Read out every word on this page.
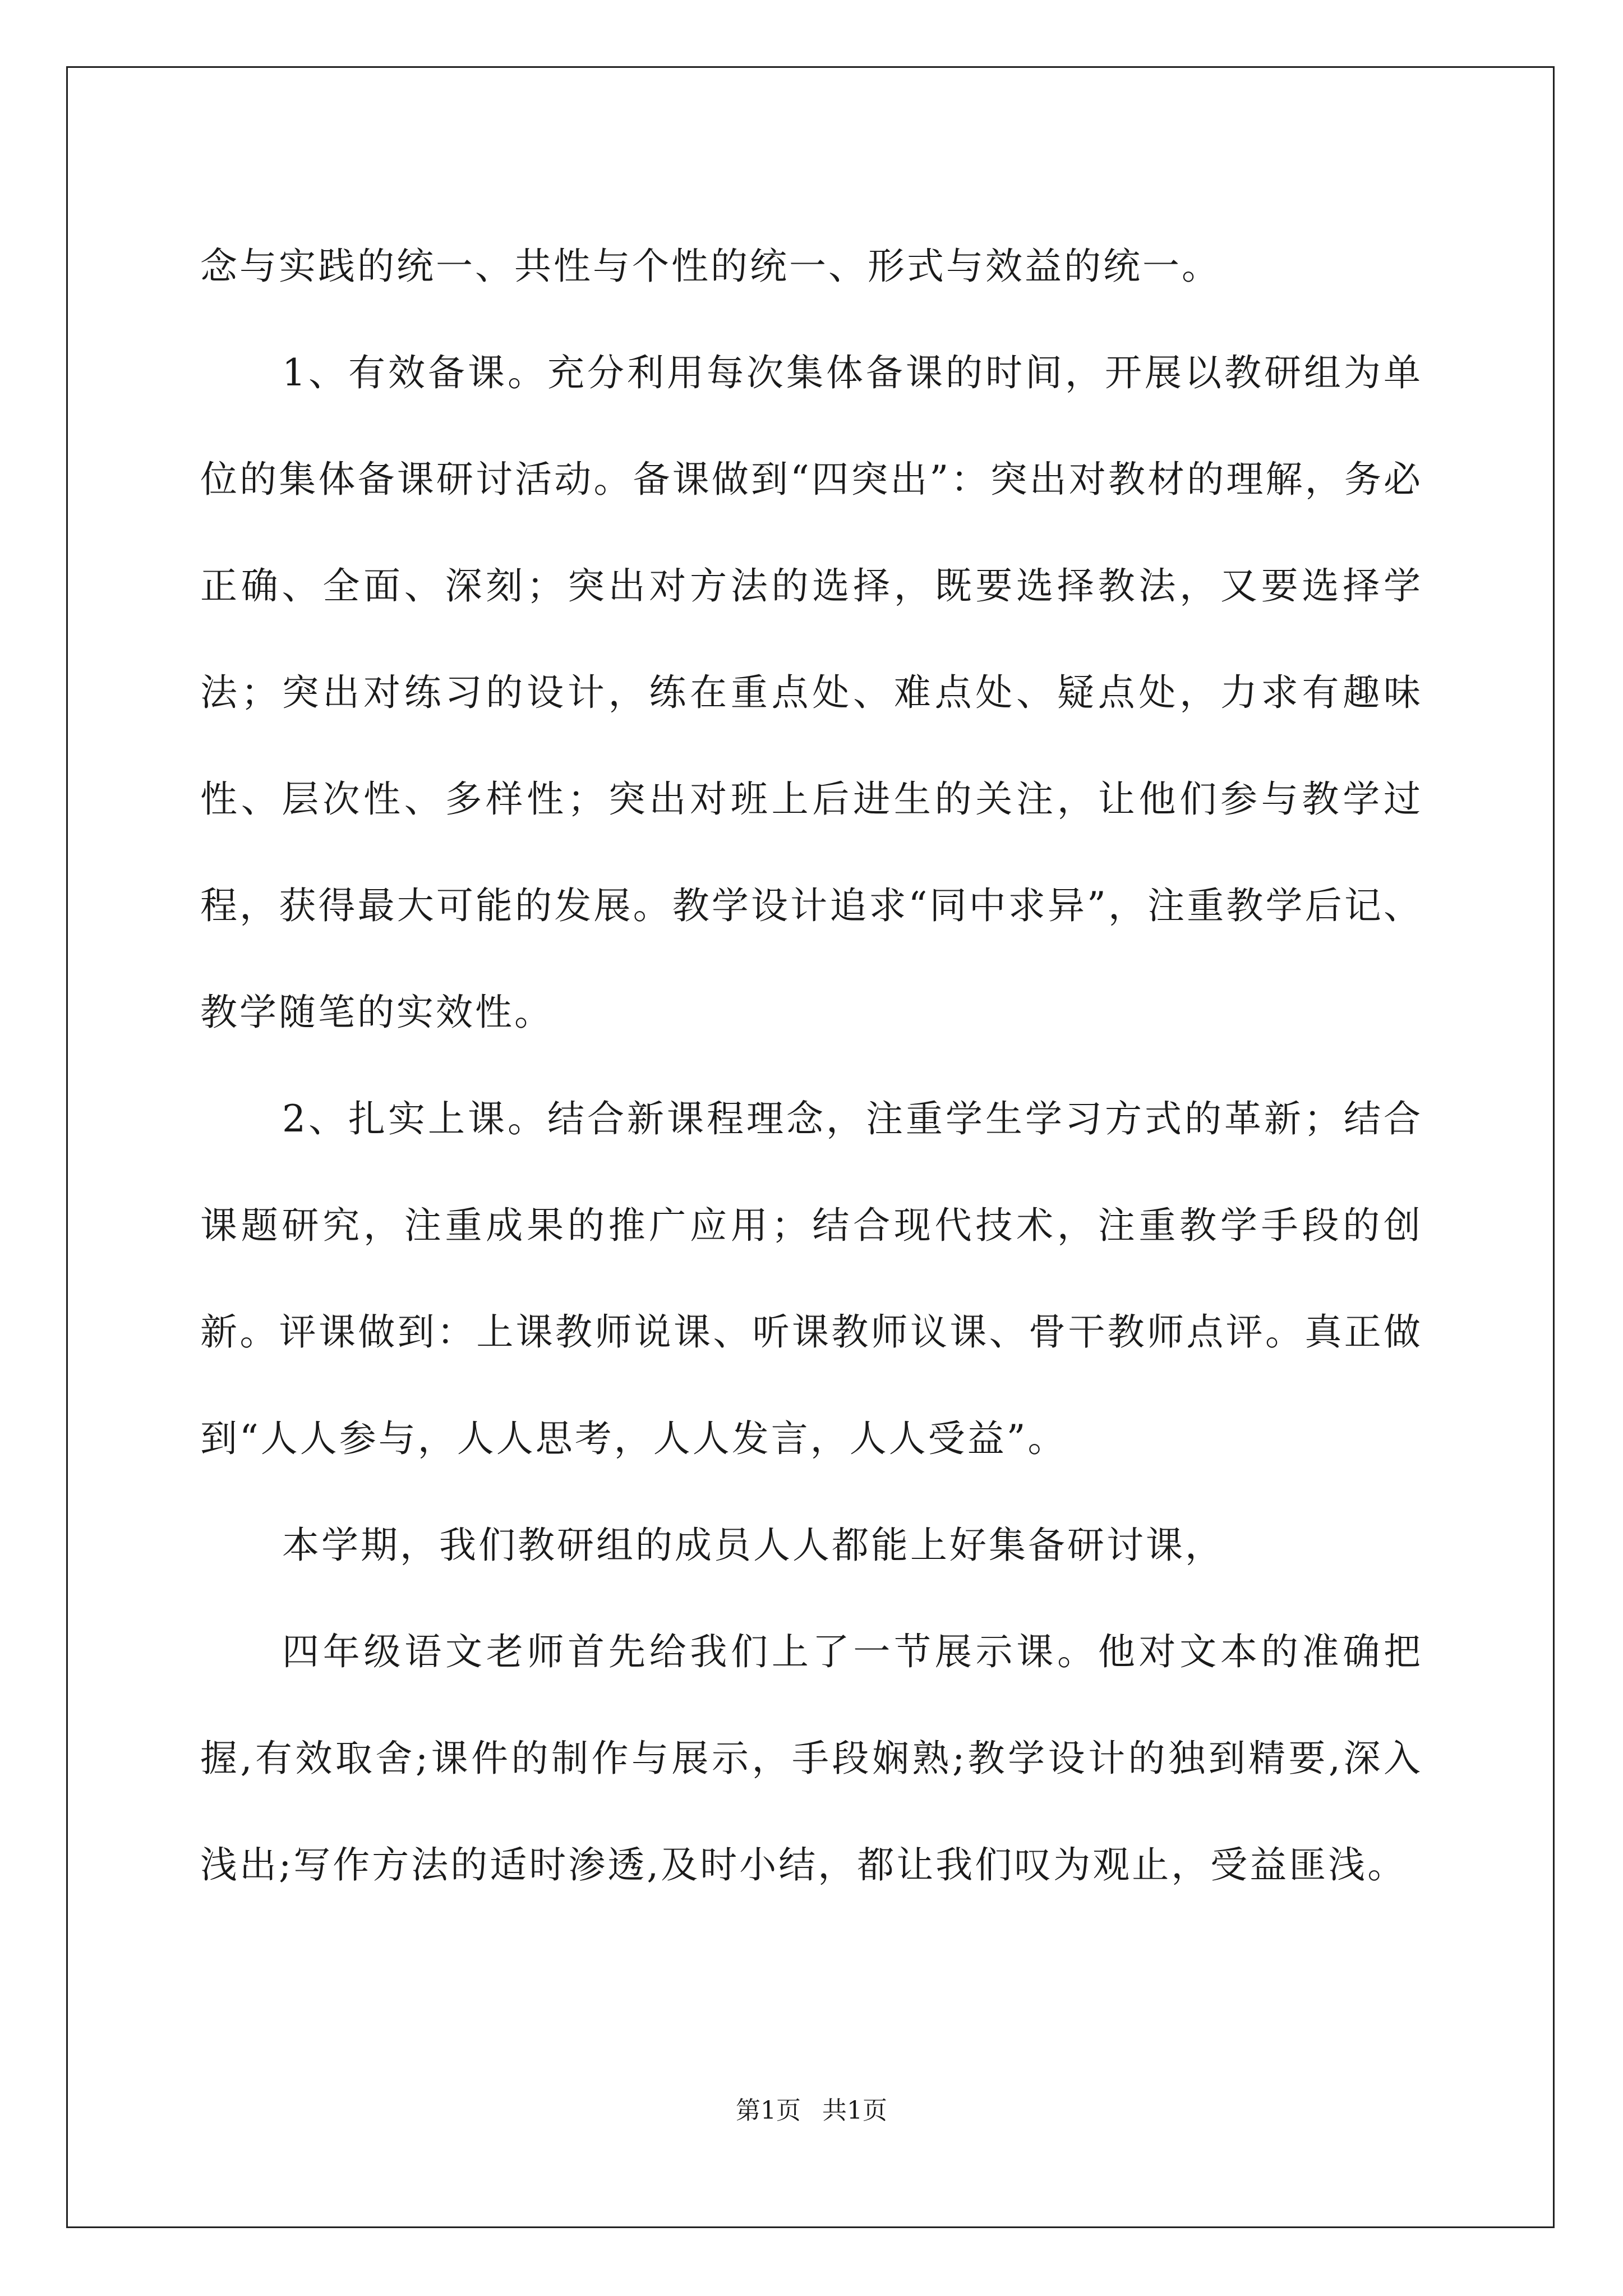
念与实践的统一、共性与个性的统一、形式与效益的统一。

1、有效备课。充分利用每次集体备课的时间，开展以教研组为单位的集体备课研讨活动。备课做到“四突出”：突出对教材的理解，务必正确、全面、深刻；突出对方法的选择，既要选择教法，又要选择学法；突出对练习的设计，练在重点处、难点处、疑点处，力求有趣味性、层次性、多样性；突出对班上后进生的关注，让他们参与教学过程，获得最大可能的发展。教学设计追求“同中求异”，注重教学后记、教学随笔的实效性。

2、扎实上课。结合新课程理念，注重学生学习方式的革新；结合课题研究，注重成果的推广应用；结合现代技术，注重教学手段的创新。评课做到：上课教师说课、听课教师议课、骨干教师点评。真正做到“人人参与，人人思考，人人发言，人人受益”。

本学期，我们教研组的成员人人都能上好集备研讨课，

四年级语文老师首先给我们上了一节展示课。他对文本的准确把握,有效取舍;课件的制作与展示，手段娴熟;教学设计的独到精要,深入浅出;写作方法的适时渗透,及时小结，都让我们叹为观止，受益匪浅。

第1页 共1页
